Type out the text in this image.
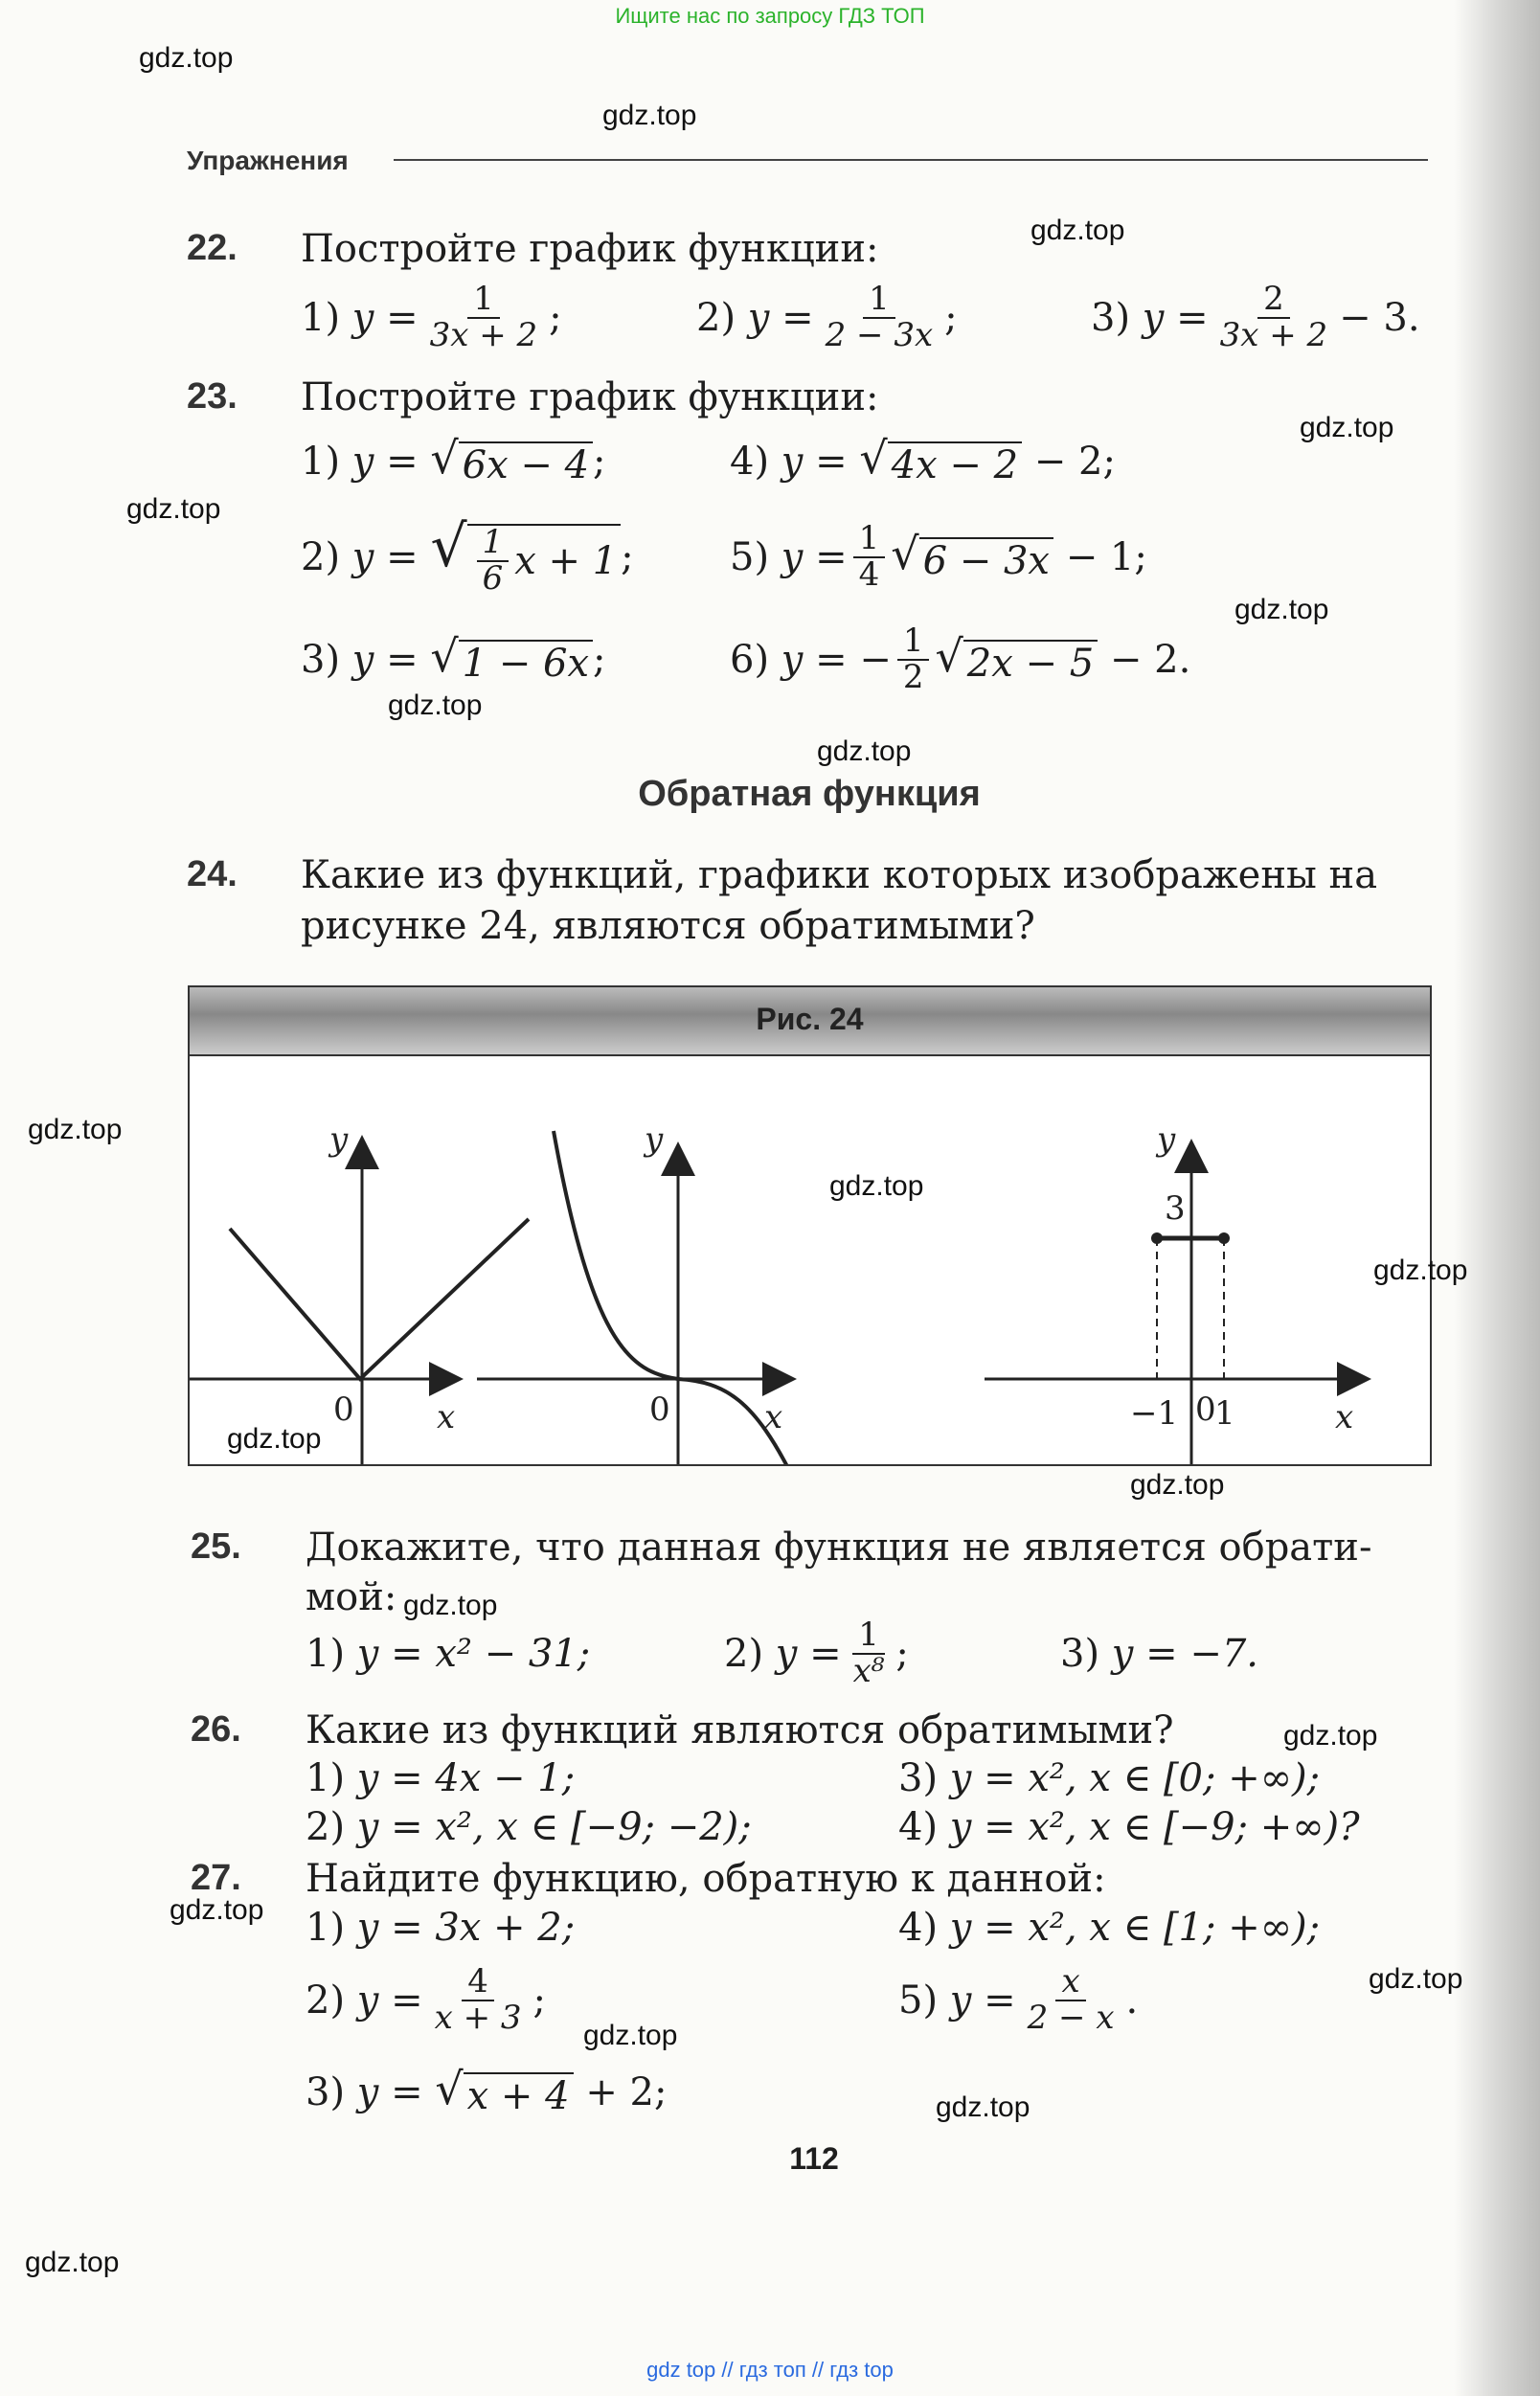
Ищите нас по запросу ГДЗ ТОП
gdz.top
gdz.top
gdz.top
gdz.top
gdz.top
gdz.top
gdz.top
gdz.top
gdz.top
gdz.top
gdz.top
gdz.top
gdz.top
gdz.top
gdz.top
gdz.top
gdz.top
gdz.top
gdz.top
gdz.top
Упражнения
22. Постройте график функции:
1)
$y = \frac{1}{3x + 2}$ ;	2)
$y = \frac{1}{2 - 3x}$ ;	3)
$y = \frac{2}{3x + 2} - 3$.
23. Постройте график функции:
1)
y =
√ 6x − 4 ;
2)
y =
√ $\frac{1}{6}$ x + 1 ;
3)
y =
√ 1 − 6x ;
4)
y =
√ 4x − 2
− 2;
5)
$y = \frac{1}{4}$ √ 6 − 3x
− 1;
6)
y = − $\frac{1}{2}$ √ 2x − 5
− 2.
Обратная функция
24. Какие из функций, графики которых изображены на
рисунке 24, являются обратимыми?
Рис. 24
y
x
0
y
x
0
y
x
0
3
−1 1
25. Докажите, что данная функция не является обрати-
мой:
1)
y = x² − 31;	2)
$y = \frac{1}{\text{x⁸}}$ ;	3)
y = −7.
26. Какие из функций являются обратимыми?
1)
y = 4x − 1;
2)
y = x², x ∈ [−9; −2);
3)
y = x², x ∈ [0; +∞);
4)
y = x², x ∈ [−9; +∞)?
27. Найдите функцию, обратную к данной:
1)
y = 3x + 2;
2)
$y = \frac{4}{x + 3}$ ;
3)
y =
√ x + 4
+ 2;
4)
y = x², x ∈ [1; +∞);
5)
$y = \frac{x}{2 - x}$ .
112
gdz top // гдз топ // гдз top
